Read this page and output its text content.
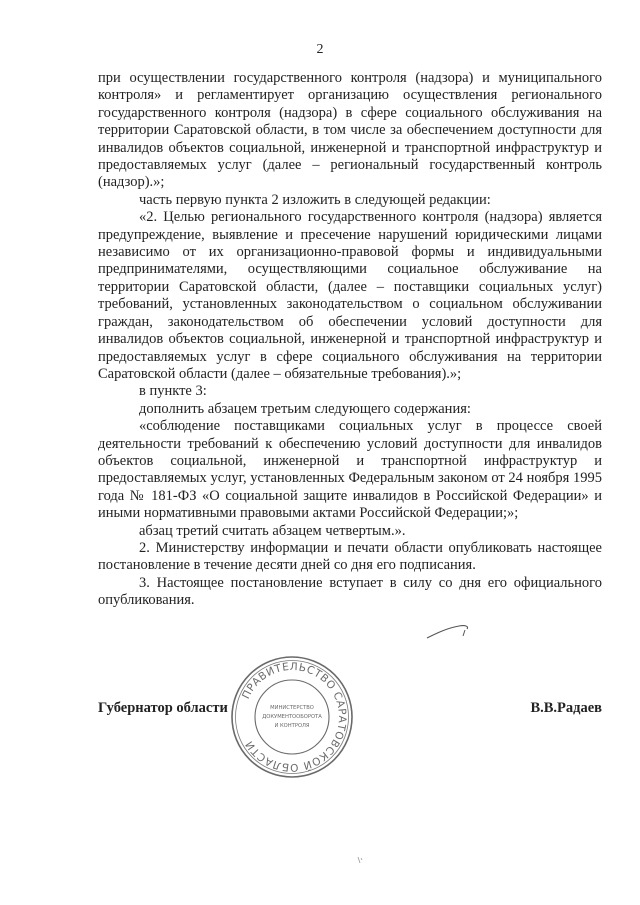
2

при осуществлении государственного контроля (надзора) и муниципального контроля» и регламентирует организацию осуществления регионального государственного контроля (надзора) в сфере социального обслуживания на территории Саратовской области, в том числе за обеспечением доступности для инвалидов объектов социальной, инженерной и транспортной инфраструктур и предоставляемых услуг (далее – региональный государственный контроль (надзор).»;

часть первую пункта 2 изложить в следующей редакции:

«2. Целью регионального государственного контроля (надзора) является предупреждение, выявление и пресечение нарушений юридическими лицами независимо от их организационно-правовой формы и индивидуальными предпринимателями, осуществляющими социальное обслуживание на территории Саратовской области, (далее – поставщики социальных услуг) требований, установленных законодательством о социальном обслуживании граждан, законодательством об обеспечении условий доступности для инвалидов объектов социальной, инженерной и транспортной инфраструктур и предоставляемых услуг в сфере социального обслуживания на территории Саратовской области (далее – обязательные требования).»;

в пункте 3:

дополнить абзацем третьим следующего содержания:

«соблюдение поставщиками социальных услуг в процессе своей деятельности требований к обеспечению условий доступности для инвалидов объектов социальной, инженерной и транспортной инфраструктур и предоставляемых услуг, установленных Федеральным законом от 24 ноября 1995 года № 181-ФЗ «О социальной защите инвалидов в Российской Федерации» и иными нормативными правовыми актами Российской Федерации;»;

абзац третий считать абзацем четвертым.».

2. Министерству информации и печати области опубликовать настоящее постановление в течение десяти дней со дня его подписания.

3. Настоящее постановление вступает в силу со дня его официального опубликования.

ПРАВИТЕЛЬСТВО САРАТОВСКОЙ ОБЛАСТИ
МИНИСТЕРСТВО
ДОКУМЕНТООБОРОТА
И КОНТРОЛЯ
Губернатор области	В.В.Радаев
